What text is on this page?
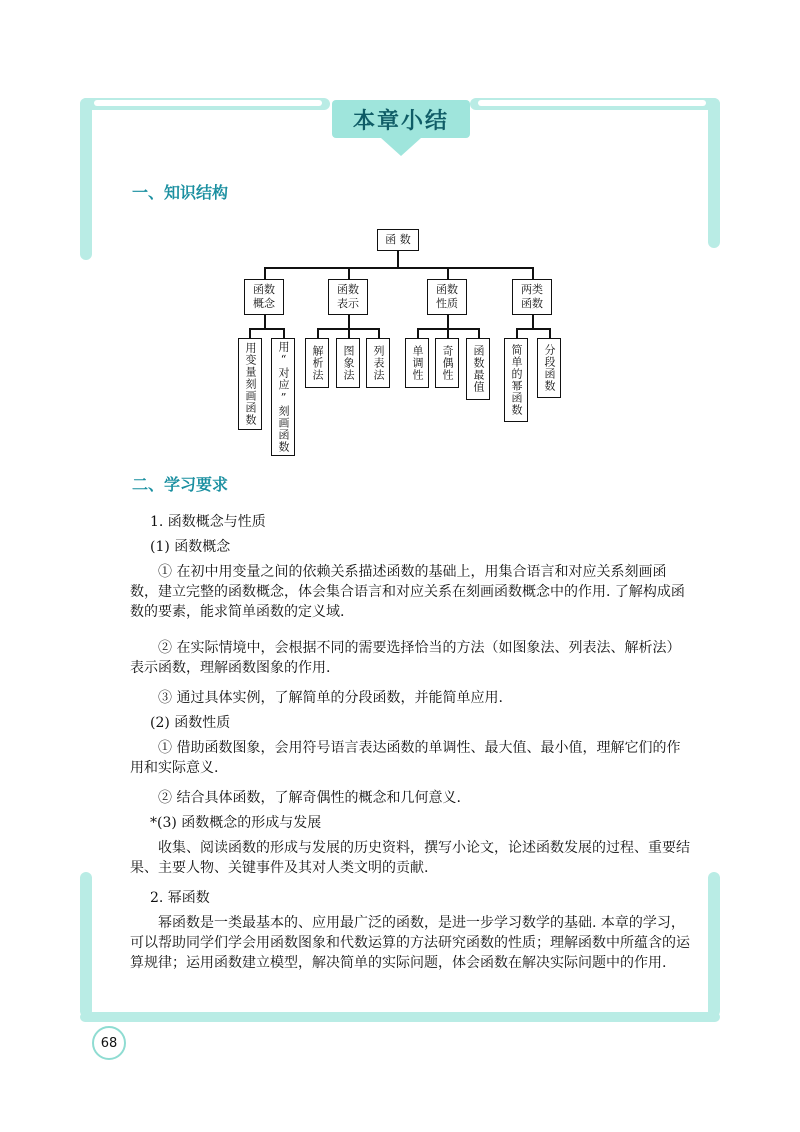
本章小结
一、知识结构
函 数
函数概念
函数表示
函数性质
两类函数
用变量刻画函数	用“对应”刻画函数	解析法	图象法	列表法	单调性	奇偶性	函数最值	简单的幂函数	分段函数
二、学习要求
1. 函数概念与性质
(1) 函数概念
① 在初中用变量之间的依赖关系描述函数的基础上，用集合语言和对应关系刻画函数，建立完整的函数概念，体会集合语言和对应关系在刻画函数概念中的作用. 了解构成函数的要素，能求简单函数的定义域.
② 在实际情境中，会根据不同的需要选择恰当的方法（如图象法、列表法、解析法）表示函数，理解函数图象的作用.
③ 通过具体实例，了解简单的分段函数，并能简单应用.
(2) 函数性质
① 借助函数图象，会用符号语言表达函数的单调性、最大值、最小值，理解它们的作用和实际意义.
② 结合具体函数，了解奇偶性的概念和几何意义.
*(3) 函数概念的形成与发展
收集、阅读函数的形成与发展的历史资料，撰写小论文，论述函数发展的过程、重要结果、主要人物、关键事件及其对人类文明的贡献.
2. 幂函数
幂函数是一类最基本的、应用最广泛的函数，是进一步学习数学的基础. 本章的学习，可以帮助同学们学会用函数图象和代数运算的方法研究函数的性质；理解函数中所蕴含的运算规律；运用函数建立模型，解决简单的实际问题，体会函数在解决实际问题中的作用.
68
